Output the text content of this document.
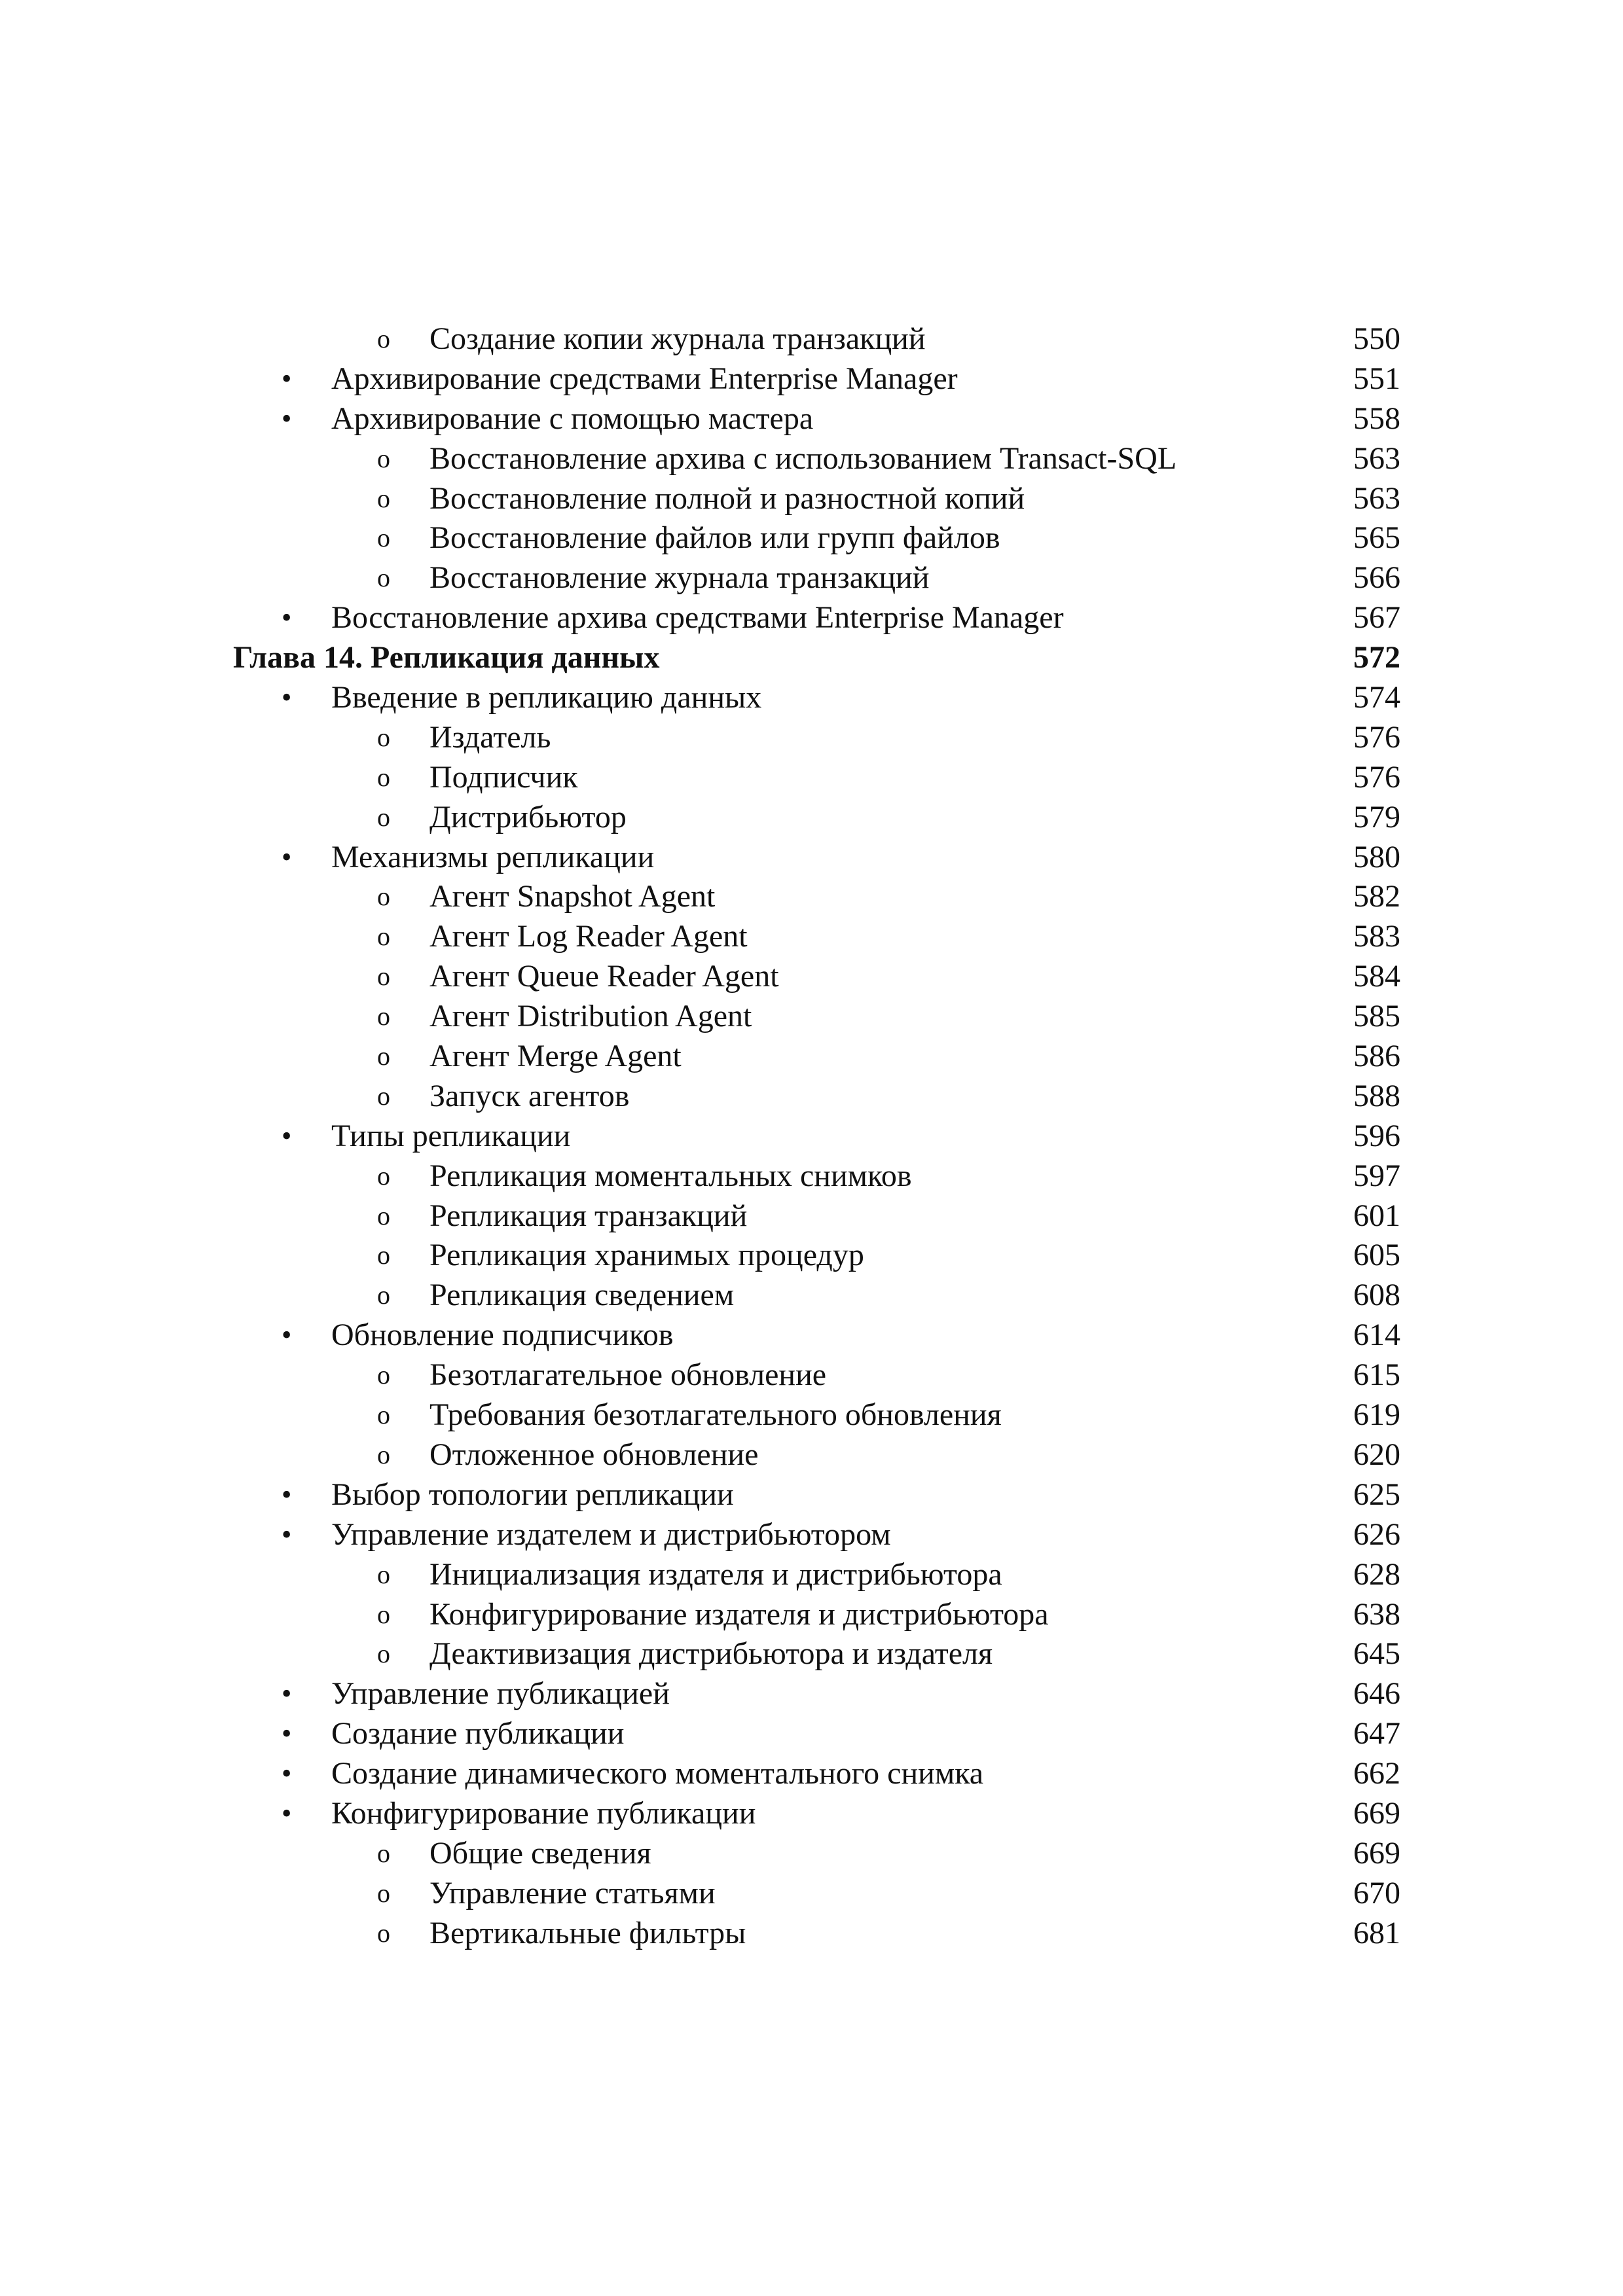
o Создание копии журнала транзакций	550
• Архивирование средствами Enterprise Manager	551
• Архивирование с помощью мастера	558
o Восстановление архива с использованием Transact-SQL	563
o Восстановление полной и разностной копий	563
o Восстановление файлов или групп файлов	565
o Восстановление журнала транзакций	566
• Восстановление архива средствами Enterprise Manager	567
Глава 14. Репликация данных	572
• Введение в репликацию данных	574
o Издатель	576
o Подписчик	576
o Дистрибьютор	579
• Механизмы репликации	580
o Агент Snapshot Agent	582
o Агент Log Reader Agent	583
o Агент Queue Reader Agent	584
o Агент Distribution Agent	585
o Агент Merge Agent	586
o Запуск агентов	588
• Типы репликации	596
o Репликация моментальных снимков	597
o Репликация транзакций	601
o Репликация хранимых процедур	605
o Репликация сведением	608
• Обновление подписчиков	614
o Безотлагательное обновление	615
o Требования безотлагательного обновления	619
o Отложенное обновление	620
• Выбор топологии репликации	625
• Управление издателем и дистрибьютором	626
o Инициализация издателя и дистрибьютора	628
o Конфигурирование издателя и дистрибьютора	638
o Деактивизация дистрибьютора и издателя	645
• Управление публикацией	646
• Создание публикации	647
• Создание динамического моментального снимка	662
• Конфигурирование публикации	669
o Общие сведения	669
o Управление статьями	670
o Вертикальные фильтры	681
